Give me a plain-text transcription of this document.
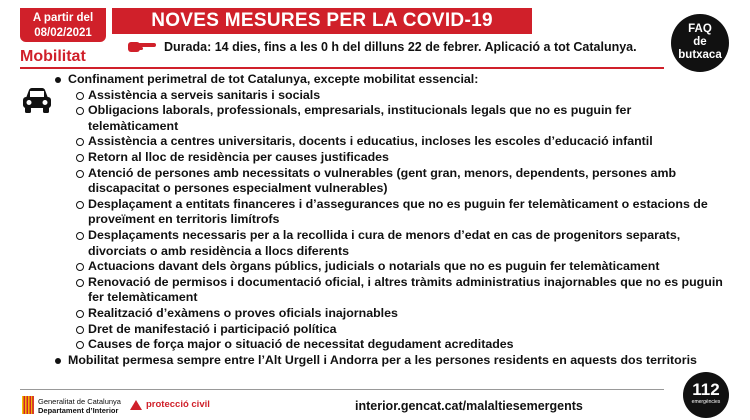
A partir del
08/02/2021
NOVES MESURES PER LA COVID-19	FAQ
de
butxaca
Durada: 14 dies, fins a les 0 h del dilluns 22 de febrer. Aplicació a tot Catalunya.
Mobilitat
Confinament perimetral de tot Catalunya, excepte mobilitat essencial:
Assistència a serveis sanitaris i socials
Obligacions laborals, professionals, empresarials, institucionals legals que no es puguin fer telemàticament
Assistència a centres universitaris, docents i educatius, incloses les escoles d’educació infantil
Retorn al lloc de residència per causes justificades
Atenció de persones amb necessitats o vulnerables (gent gran, menors, dependents, persones amb discapacitat o persones especialment vulnerables)
Desplaçament a entitats financeres i d’assegurances que no es puguin fer telemàticament o estacions de proveïment en territoris limítrofs
Desplaçaments necessaris per a la recollida i cura de menors d’edat en cas de progenitors separats, divorciats o amb residència a llocs diferents
Actuacions davant dels òrgans públics, judicials o notarials que no es puguin fer telemàticament
Renovació de permisos i documentació oficial, i altres tràmits administratius inajornables que no es puguin fer telemàticament
Realització d’exàmens o proves oficials inajornables
Dret de manifestació i participació política
Causes de força major o situació de necessitat degudament acreditades
Mobilitat permesa sempre entre l’Alt Urgell i Andorra per a les persones residents en aquests dos territoris
Generalitat de Catalunya
Departament d’Interior
protecció civil	interior.gencat.cat/malaltiesemergents
112
emergències
